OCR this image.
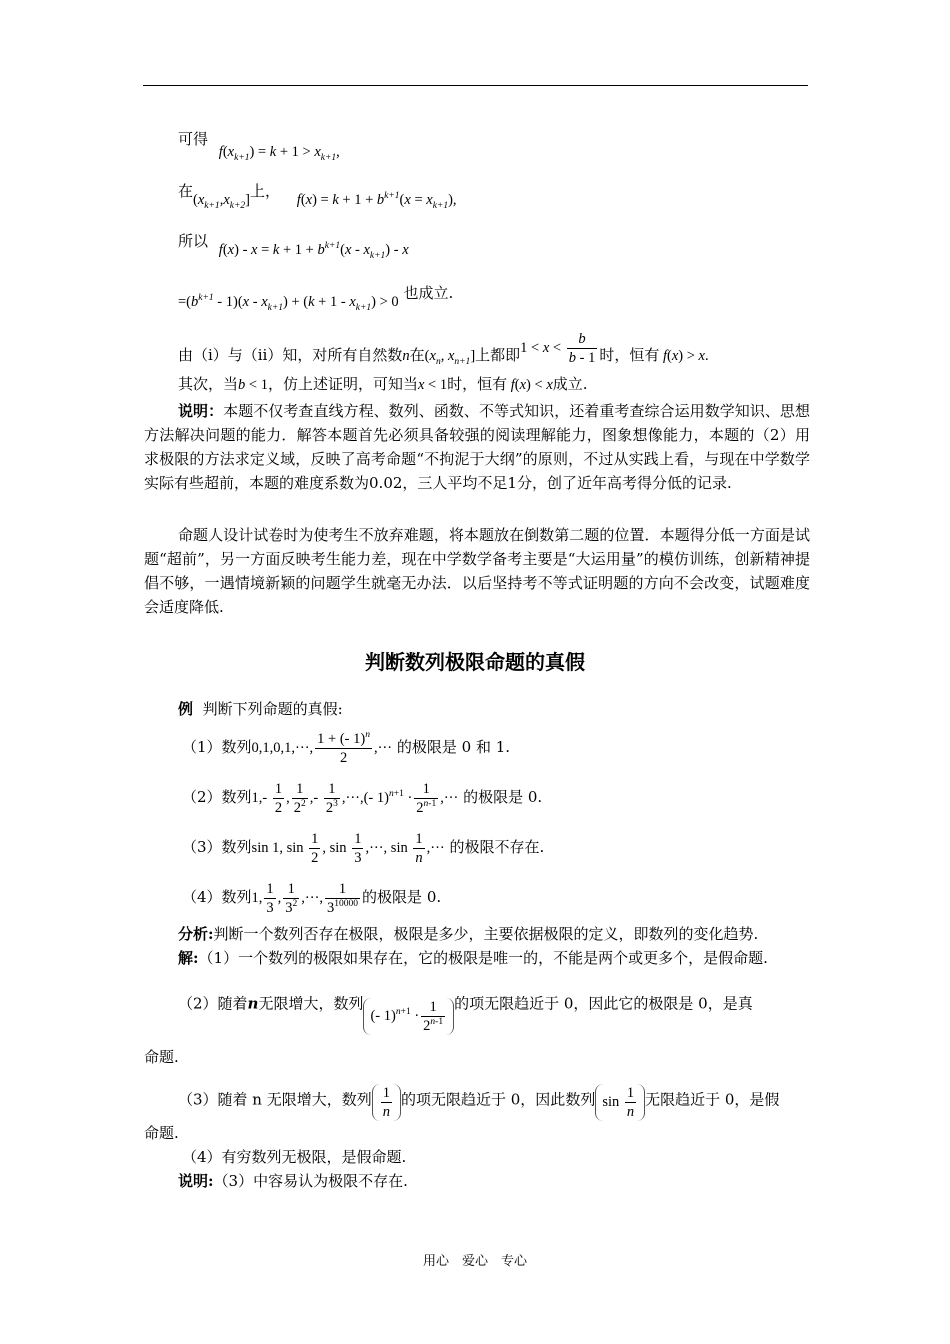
可得 $f(x_{k+1}) = k + 1 > x_{k+1}$,
在$(x_{k+1},x_{k+2}]$上， $f(x) = k + 1 + b^{k+1}(x = x_{k+1})$,
所以 $f(x) - x = k + 1 + b^{k+1}(x - x_{k+1}) - x$
$=(b^{k+1} - 1)(x - x_{k+1}) + (k + 1 - x_{k+1}) > 0$ 也成立.
由（ⅰ）与（ⅱ）知，对所有自然数n在($x_n$, $x_{n+1}$]上都即$1 < x < \frac{b}{b - 1}$ 时，恒有 f(x) > x.
其次，当b < 1，仿上述证明，可知当x < 1时，恒有 f(x) < x成立.
说明：本题不仅考查直线方程、数列、函数、不等式知识，还着重考查综合运用数学知识、思想方法解决问题的能力．解答本题首先必须具备较强的阅读理解能力，图象想像能力，本题的（2）用求极限的方法求定义域，反映了高考命题“不拘泥于大纲”的原则，不过从实践上看，与现在中学数学实际有些超前，本题的难度系数为0.02，三人平均不足1分，创了近年高考得分低的记录.
命题人设计试卷时为使考生不放弃难题，将本题放在倒数第二题的位置．本题得分低一方面是试题“超前”，另一方面反映考生能力差，现在中学数学备考主要是“大运用量”的模仿训练，创新精神提倡不够，一遇情境新颖的问题学生就毫无办法．以后坚持考不等式证明题的方向不会改变，试题难度会适度降低.
判断数列极限命题的真假
例 判断下列命题的真假:
（1）数列0,1,0,1,···, $\frac{1 + (- 1)^n}{2}$ ,··· 的极限是 0 和 1.
（2）数列$1,- \frac{1}{2}$ , $\frac{1}{2^2}$ ,- $\frac{1}{2^3}$ ,···,(- $1)^{n+1} \cdot \frac{1}{2^{n-1}}$ ,··· 的极限是 0.
（3）数列sin 1, $\sin \frac{1}{2}$ , $\sin \frac{1}{3}$ ,···, $\sin \frac{1}{n}$ ,··· 的极限不存在.
（4）数列1, $\frac{1}{3}$ , $\frac{1}{3^2}$ ,···, $\frac{1}{3^{10000}}$ 的极限是 0.
分析:判断一个数列否存在极限，极限是多少，主要依据极限的定义，即数列的变化趋势.
解:（1）一个数列的极限如果存在，它的极限是唯一的，不能是两个或更多个，是假命题.
（2）随着n无限增大，数列(- $1)^{n+1} \cdot \frac{1}{2^{n-1}}$ 的项无限趋近于 0，因此它的极限是 0，是真
命题.
（3）随着 n 无限增大，数列 $\frac{1}{n}$ 的项无限趋近于 0，因此数列 $\sin \frac{1}{n}$ 无限趋近于 0，是假
命题.
（4）有穷数列无极限，是假命题.
说明:（3）中容易认为极限不存在.
用心　爱心　专心
